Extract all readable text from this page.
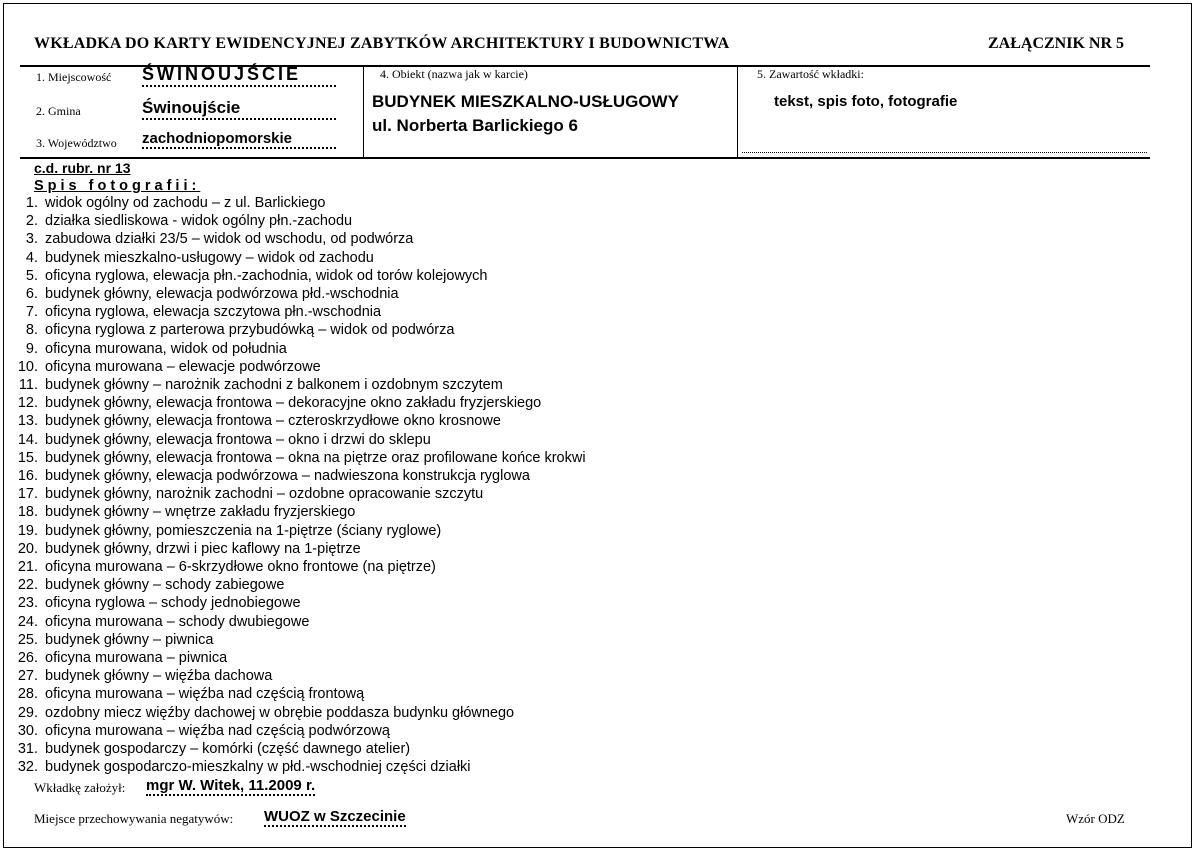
WKŁADKA DO KARTY EWIDENCYJNEJ ZABYTKÓW ARCHITEKTURY I BUDOWNICTWA	ZAŁĄCZNIK NR 5
1. Miejscowość ŚWINOUJŚCIE
2. Gmina	Świnoujście
3. Województwo zachodniopomorskie
4. Obiekt (nazwa jak w karcie)
BUDYNEK MIESZKALNO-USŁUGOWY
ul. Norberta Barlickiego 6
5. Zawartość wkładki:
tekst, spis foto, fotografie
c.d. rubr. nr 13
Spis fotografii:
1. widok ogólny od zachodu – z ul. Barlickiego
2. działka siedliskowa - widok ogólny płn.-zachodu
3. zabudowa działki 23/5 – widok od wschodu, od podwórza
4. budynek mieszkalno-usługowy – widok od zachodu
5. oficyna ryglowa, elewacja płn.-zachodnia, widok od torów kolejowych
6. budynek główny, elewacja podwórzowa płd.-wschodnia
7. oficyna ryglowa, elewacja szczytowa płn.-wschodnia
8. oficyna ryglowa z parterowa przybudówką – widok od podwórza
9. oficyna murowana, widok od południa
10. oficyna murowana – elewacje podwórzowe
11. budynek główny – narożnik zachodni z balkonem i ozdobnym szczytem
12. budynek główny, elewacja frontowa – dekoracyjne okno zakładu fryzjerskiego
13. budynek główny, elewacja frontowa – czteroskrzydłowe okno krosnowe
14. budynek główny, elewacja frontowa – okno i drzwi do sklepu
15. budynek główny, elewacja frontowa – okna na piętrze oraz profilowane końce krokwi
16. budynek główny, elewacja podwórzowa – nadwieszona konstrukcja ryglowa
17. budynek główny, narożnik zachodni – ozdobne opracowanie szczytu
18. budynek główny – wnętrze zakładu fryzjerskiego
19. budynek główny, pomieszczenia na 1-piętrze (ściany ryglowe)
20. budynek główny, drzwi i piec kaflowy na 1-piętrze
21. oficyna murowana – 6-skrzydłowe okno frontowe (na piętrze)
22. budynek główny – schody zabiegowe
23. oficyna ryglowa – schody jednobiegowe
24. oficyna murowana – schody dwubiegowe
25. budynek główny – piwnica
26. oficyna murowana – piwnica
27. budynek główny – więźba dachowa
28. oficyna murowana – więźba nad częścią frontową
29. ozdobny miecz więźby dachowej w obrębie poddasza budynku głównego
30. oficyna murowana – więźba nad częścią podwórzową
31. budynek gospodarczy – komórki (część dawnego atelier)
32. budynek gospodarczo-mieszkalny w płd.-wschodniej części działki
Wkładkę założył: mgr W. Witek, 11.2009 r.
Miejsce przechowywania negatywów: WUOZ w Szczecinie	Wzór ODZ
